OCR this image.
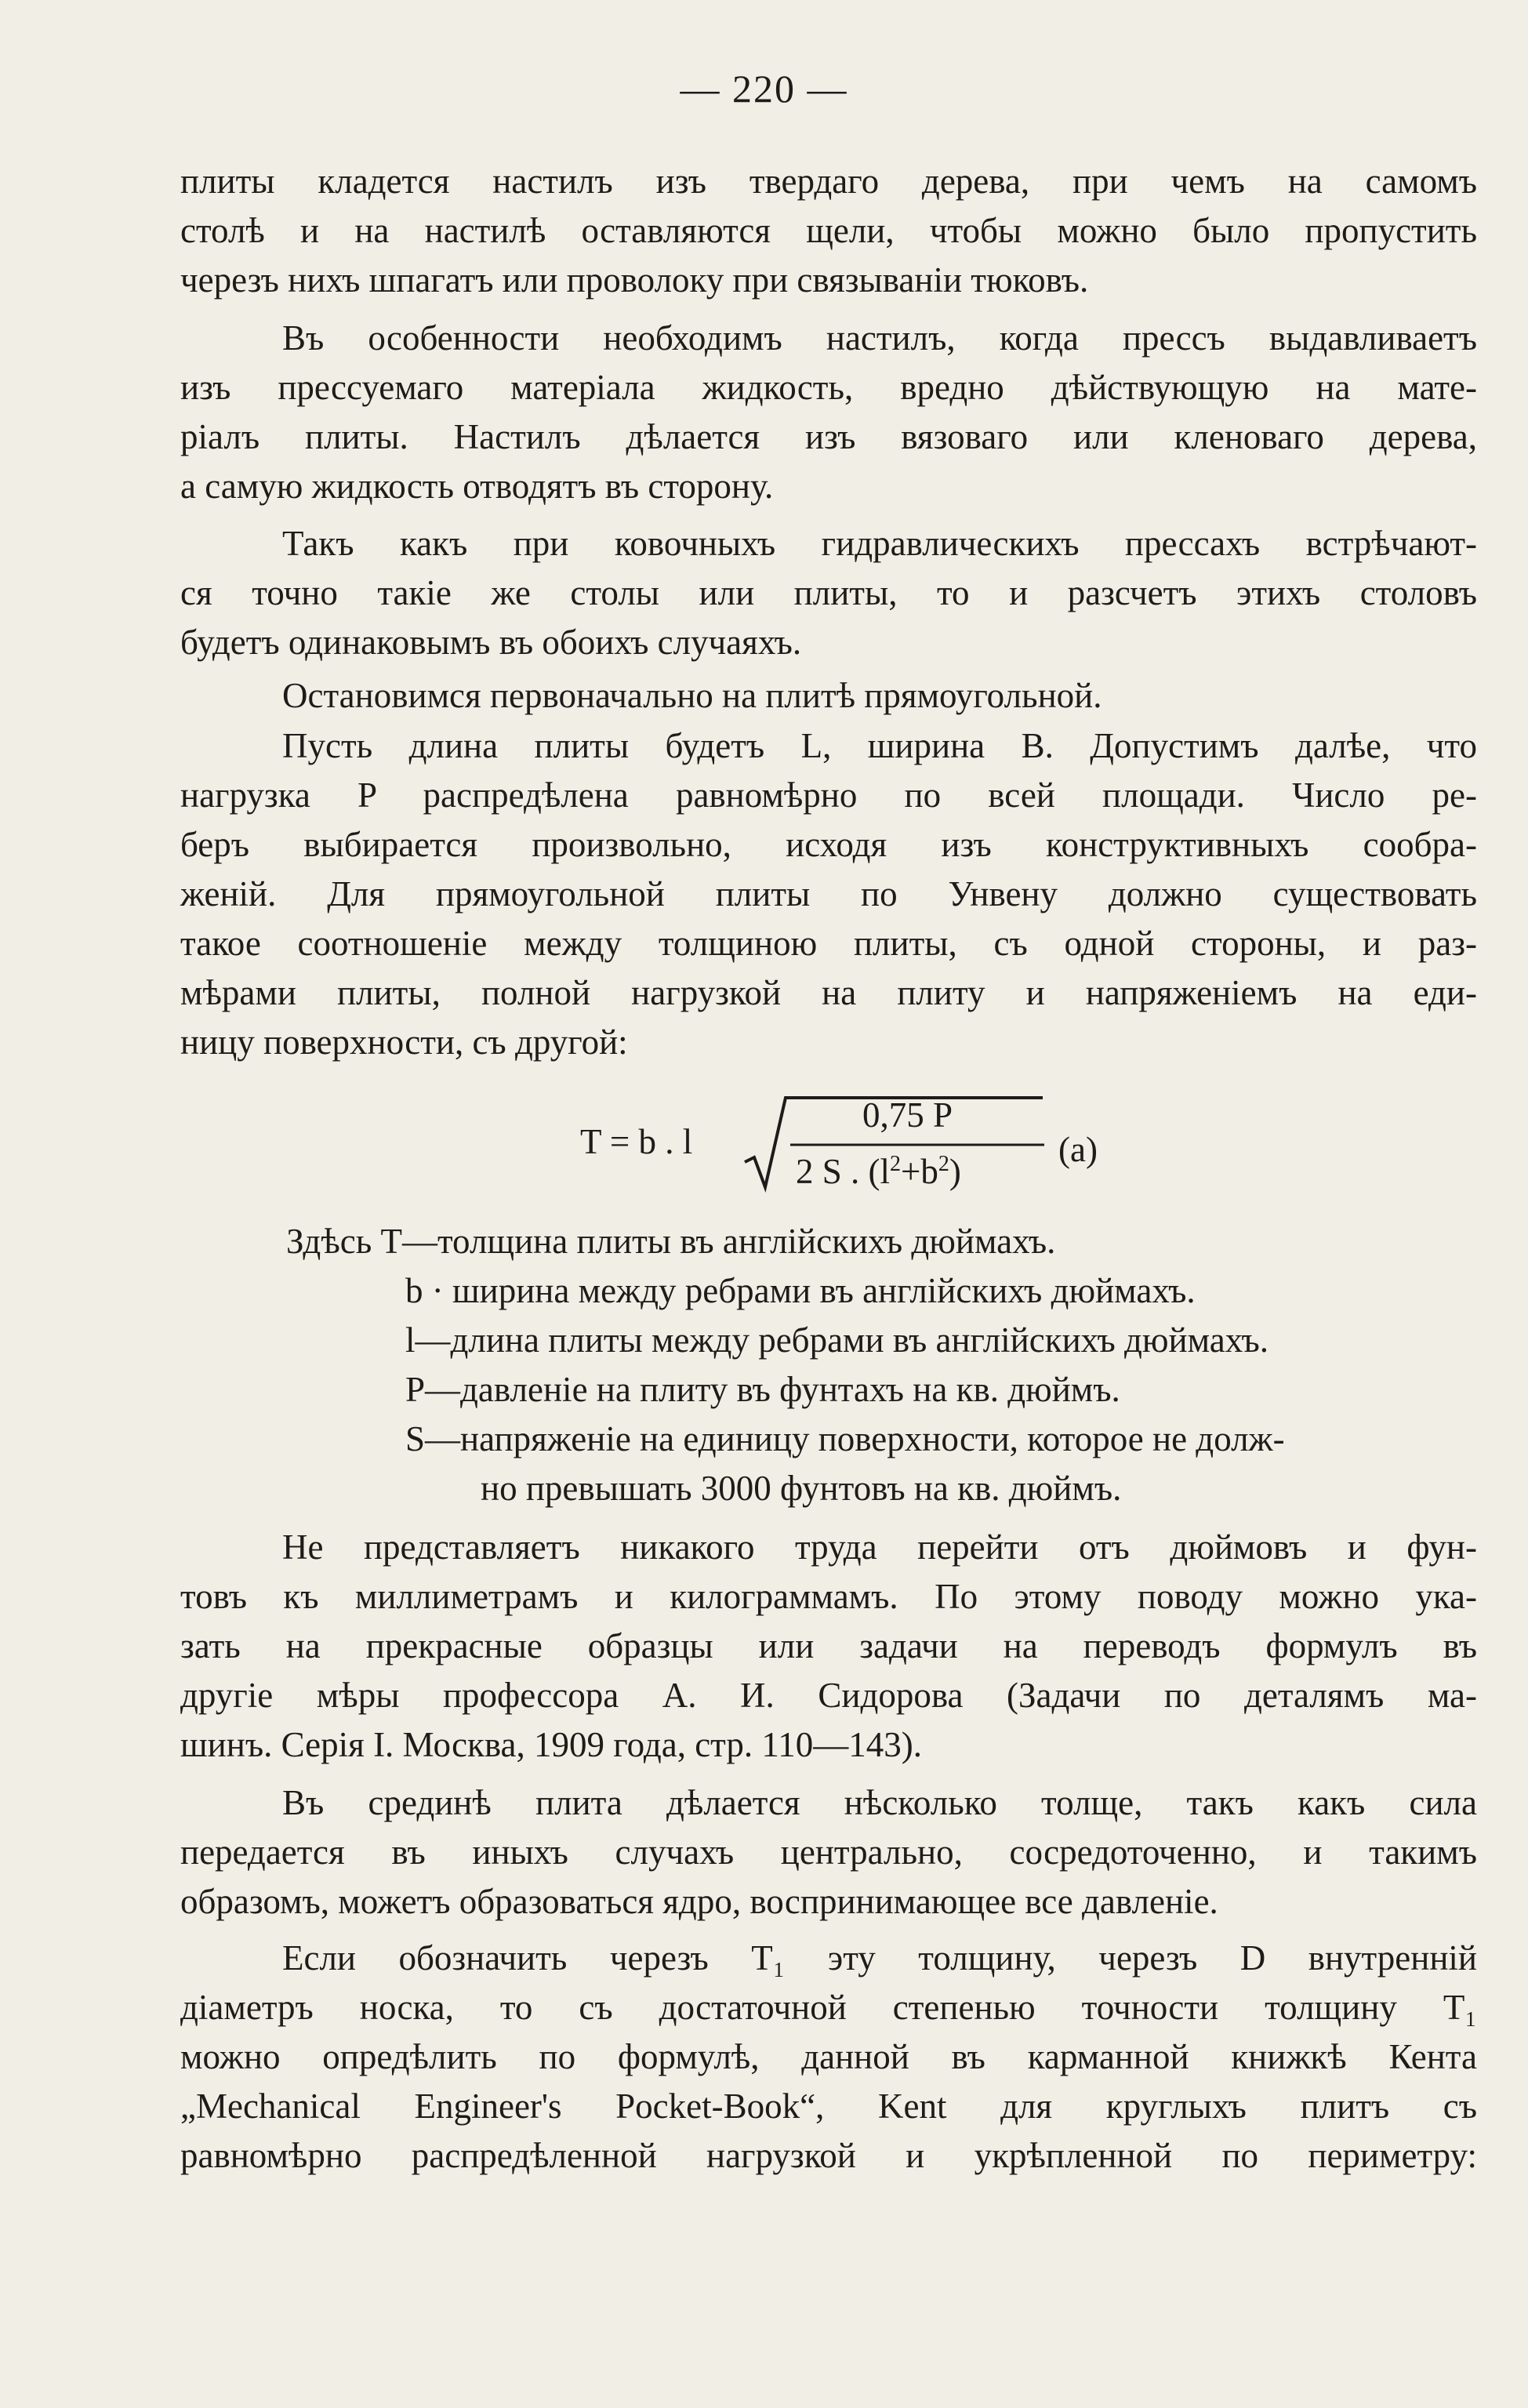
— 220 —

плиты кладется настилъ изъ твердаго дерева, при чемъ на самомъ

столѣ и на настилѣ оставляются щели, чтобы можно было пропустить

черезъ нихъ шпагатъ или проволоку при связываніи тюковъ.

Въ особенности необходимъ настилъ, когда прессъ выдавливаетъ

изъ прессуемаго матеріала жидкость, вредно дѣйствующую на мате-

ріалъ плиты. Настилъ дѣлается изъ вязоваго или кленоваго дерева,

а самую жидкость отводятъ въ сторону.

Такъ какъ при ковочныхъ гидравлическихъ прессахъ встрѣчают-

ся точно такіе же столы или плиты, то и разсчетъ этихъ столовъ

будетъ одинаковымъ въ обоихъ случаяхъ.

Остановимся первоначально на плитѣ прямоугольной.

Пусть длина плиты будетъ L, ширина B. Допустимъ далѣе, что

нагрузка P распредѣлена равномѣрно по всей площади. Число ре-

беръ выбирается произвольно, исходя изъ конструктивныхъ сообра-

женій. Для прямоугольной плиты по Унвену должно существовать

такое соотношеніе между толщиною плиты, съ одной стороны, и раз-

мѣрами плиты, полной нагрузкой на плиту и напряженіемъ на еди-

ницу поверхности, съ другой:

T = b . l
0,75 P
2 S . $(l^2+b^2)$
(a)
Здѣсь T—толщина плиты въ англійскихъ дюймахъ.
b · ширина между ребрами въ англійскихъ дюймахъ.
l—длина плиты между ребрами въ англійскихъ дюймахъ.
P—давленіе на плиту въ фунтахъ на кв. дюймъ.
S—напряженіе на единицу поверхности, которое не долж-
но превышать 3000 фунтовъ на кв. дюймъ.

Не представляетъ никакого труда перейти отъ дюймовъ и фун-

товъ къ миллиметрамъ и килограммамъ. По этому поводу можно ука-

зать на прекрасные образцы или задачи на переводъ формулъ въ

другіе мѣры профессора А. И. Сидорова (Задачи по деталямъ ма-

шинъ. Серія I. Москва, 1909 года, стр. 110—143).

Въ срединѣ плита дѣлается нѣсколько толще, такъ какъ сила

передается въ иныхъ случахъ центрально, сосредоточенно, и такимъ

образомъ, можетъ образоваться ядро, воспринимающее все давленіе.

Если обозначить черезъ T₁ эту толщину, черезъ D внутренній

діаметръ носка, то съ достаточной степенью точности толщину T₁

можно опредѣлить по формулѣ, данной въ карманной книжкѣ Кента

„Mechanical Engineer's Pocket-Book“, Kent для круглыхъ плитъ съ

равномѣрно распредѣленной нагрузкой и укрѣпленной по периметру:
